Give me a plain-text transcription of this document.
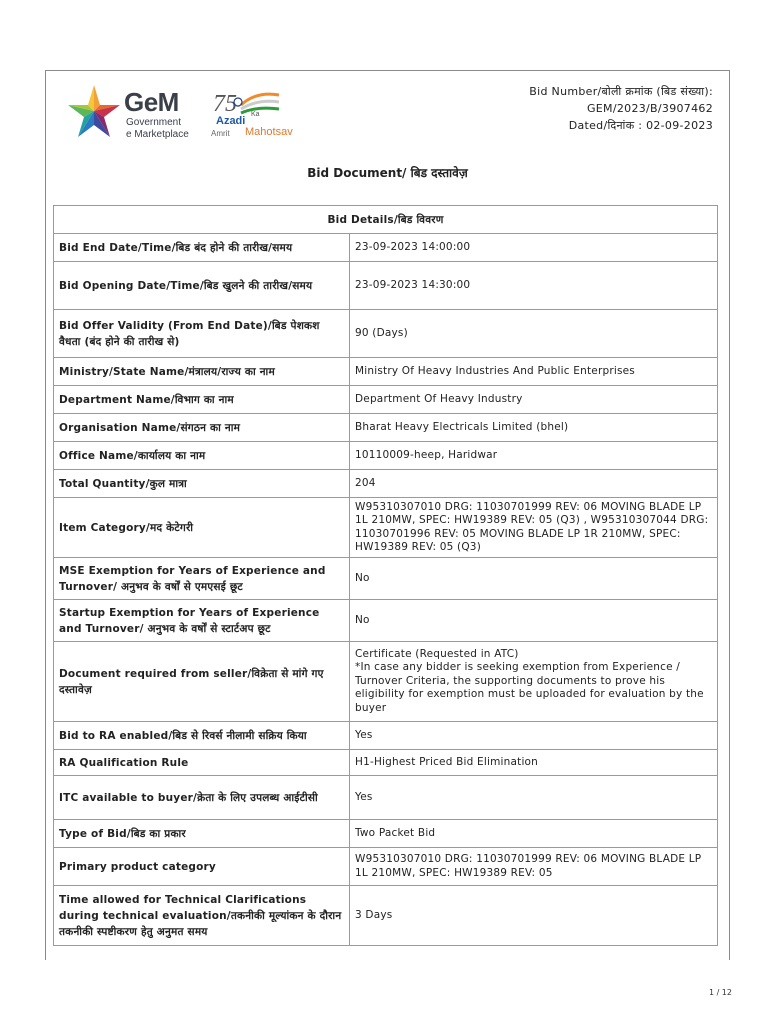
GeM
Government
e Marketplace
75
Azadi
Ka
Amrit Mahotsav
Bid Number/बोली क्रमांक (बिड संख्या):
GEM/2023/B/3907462
Dated/दिनांक : 02-09-2023
Bid Document/ बिड दस्तावेज़
Bid Details/बिड विवरण	
Bid End Date/Time/बिड बंद होने की तारीख/समय	23-09-2023 14:00:00
Bid Opening Date/Time/बिड खुलने की तारीख/समय	23-09-2023 14:30:00
Bid Offer Validity (From End Date)/बिड पेशकश वैधता (बंद होने की तारीख से)	90 (Days)
Ministry/State Name/मंत्रालय/राज्य का नाम	Ministry Of Heavy Industries And Public Enterprises
Department Name/विभाग का नाम	Department Of Heavy Industry
Organisation Name/संगठन का नाम	Bharat Heavy Electricals Limited (bhel)
Office Name/कार्यालय का नाम	10110009-heep, Haridwar
Total Quantity/कुल मात्रा	204
Item Category/मद केटेगरी	W95310307010 DRG: 11030701999 REV: 06 MOVING BLADE LP 1L 210MW, SPEC: HW19389 REV: 05 (Q3) , W95310307044 DRG: 11030701996 REV: 05 MOVING BLADE LP 1R 210MW, SPEC: HW19389 REV: 05 (Q3)
MSE Exemption for Years of Experience and Turnover/ अनुभव के वर्षों से एमएसई छूट	No
Startup Exemption for Years of Experience and Turnover/ अनुभव के वर्षों से स्टार्टअप छूट	No
Document required from seller/विक्रेता से मांगे गए दस्तावेज़	Certificate (Requested in ATC)
*In case any bidder is seeking exemption from Experience / Turnover Criteria, the supporting documents to prove his eligibility for exemption must be uploaded for evaluation by the buyer

Bid to RA enabled/बिड से रिवर्स नीलामी सक्रिय किया	Yes
RA Qualification Rule	H1-Highest Priced Bid Elimination
ITC available to buyer/क्रेता के लिए उपलब्ध आईटीसी	Yes
Type of Bid/बिड का प्रकार	Two Packet Bid
Primary product category	W95310307010 DRG: 11030701999 REV: 06 MOVING BLADE LP 1L 210MW, SPEC: HW19389 REV: 05
Time allowed for Technical Clarifications during technical evaluation/तकनीकी मूल्यांकन के दौरान तकनीकी स्पष्टीकरण हेतु अनुमत समय	3 Days
1 / 12
